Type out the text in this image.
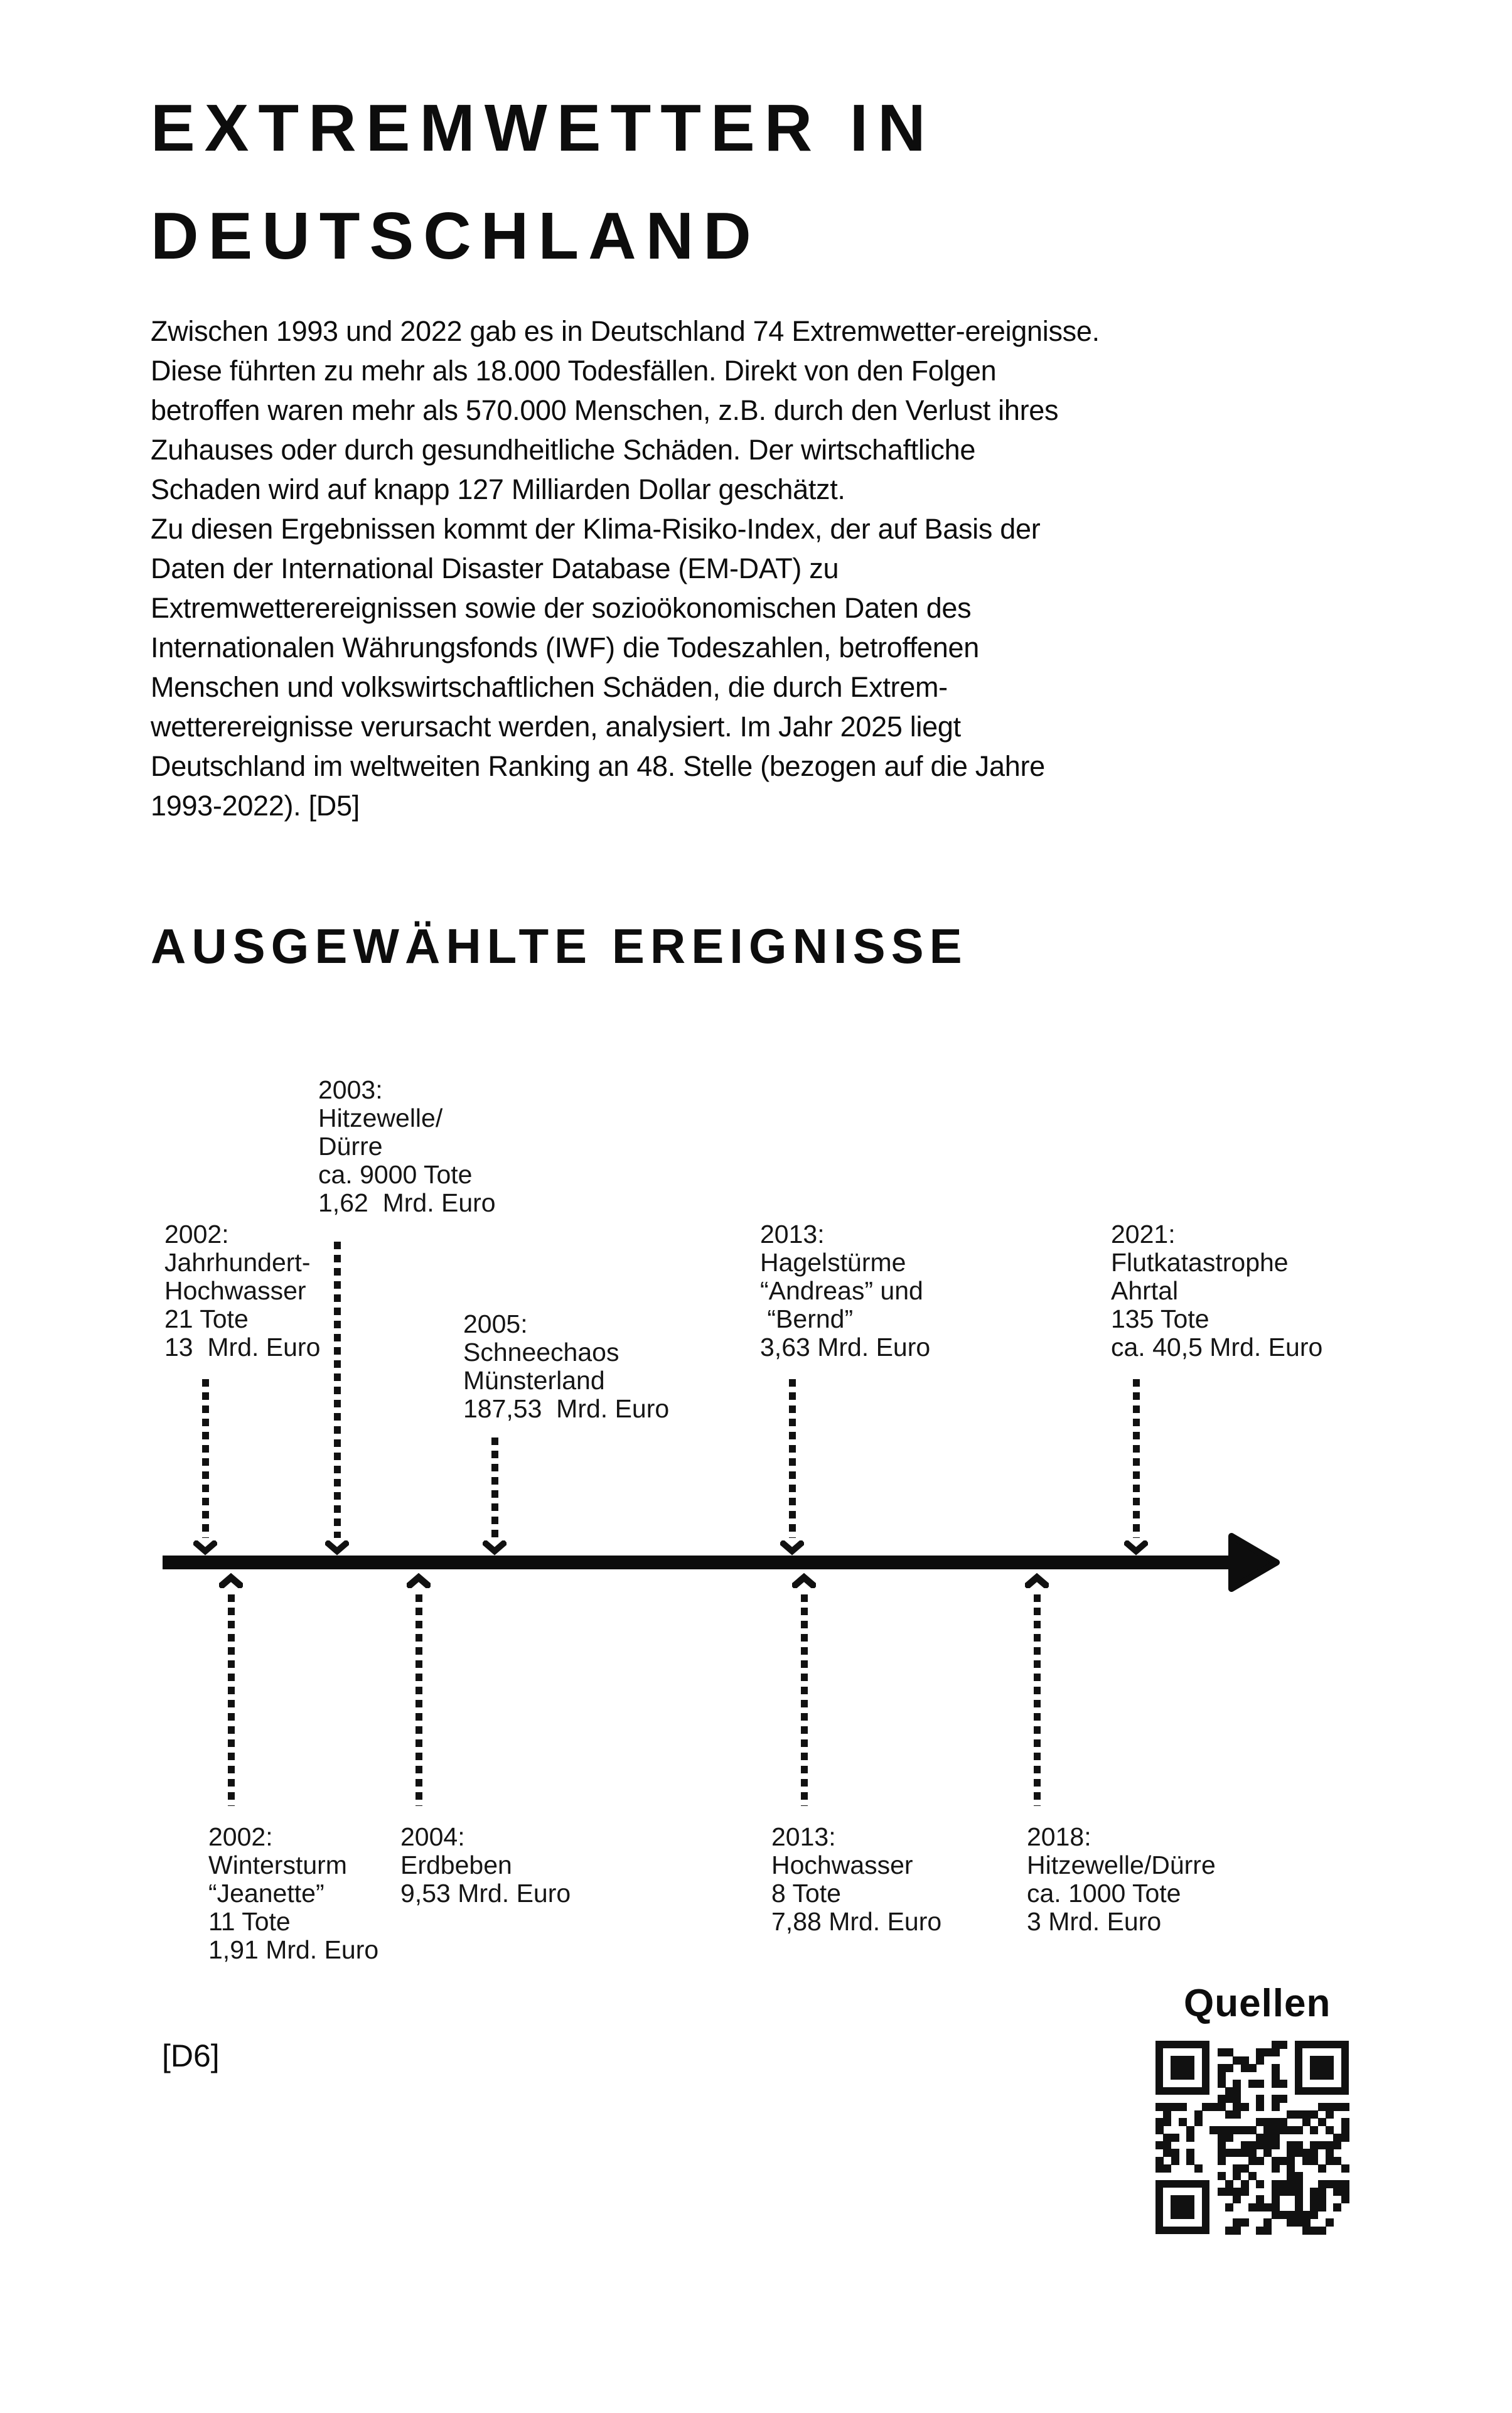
EXTREMWETTER IN
DEUTSCHLAND
Zwischen 1993 und 2022 gab es in Deutschland 74 Extremwetter-ereignisse.
Diese führten zu mehr als 18.000 Todesfällen. Direkt von den Folgen
betroffen waren mehr als 570.000 Menschen, z.B. durch den Verlust ihres
Zuhauses oder durch gesundheitliche Schäden. Der wirtschaftliche
Schaden wird auf knapp 127 Milliarden Dollar geschätzt.
Zu diesen Ergebnissen kommt der Klima-Risiko-Index, der auf Basis der
Daten der International Disaster Database (EM-DAT) zu
Extremwetterereignissen sowie der sozioökonomischen Daten des
Internationalen Währungsfonds (IWF) die Todeszahlen, betroffenen
Menschen und volkswirtschaftlichen Schäden, die durch Extrem-
wetterereignisse verursacht werden, analysiert. Im Jahr 2025 liegt
Deutschland im weltweiten Ranking an 48. Stelle (bezogen auf die Jahre
1993-2022). [D5]
AUSGEWÄHLTE EREIGNISSE
2002:
Jahrhundert-
Hochwasser
21 Tote
13  Mrd. Euro
2003:
Hitzewelle/
Dürre
ca. 9000 Tote
1,62  Mrd. Euro
2005:
Schneechaos
Münsterland
187,53  Mrd. Euro
2013:
Hagelstürme
“Andreas” und
“Bernd”
3,63 Mrd. Euro
2021:
Flutkatastrophe
Ahrtal
135 Tote
ca. 40,5 Mrd. Euro
2002:
Wintersturm
“Jeanette”
11 Tote
1,91 Mrd. Euro
2004:
Erdbeben
9,53 Mrd. Euro
2013:
Hochwasser
8 Tote
7,88 Mrd. Euro
2018:
Hitzewelle/Dürre
ca. 1000 Tote
3 Mrd. Euro
[D6]
Quellen
